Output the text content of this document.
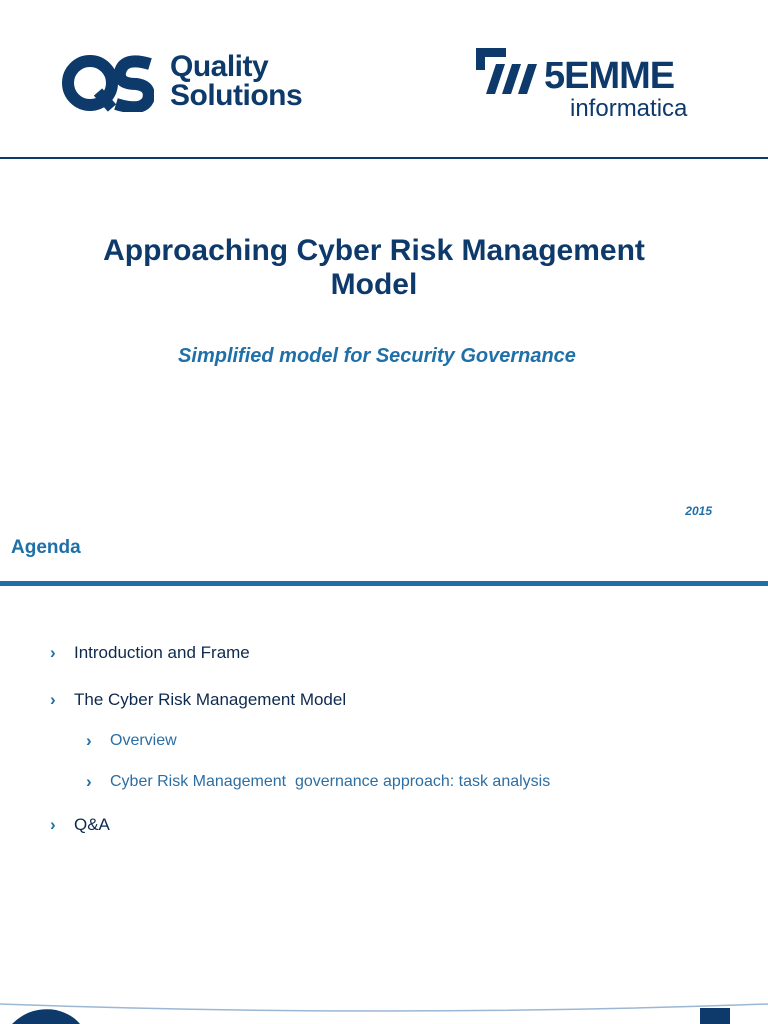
Quality
Solutions	5EMME
informatica
Approaching Cyber Risk Management Model
Simplified model for Security Governance
2015
Agenda
›	Introduction and Frame
›	The Cyber Risk Management Model
›	Overview
›	Cyber Risk Management  governance approach: task analysis
›	Q&A
